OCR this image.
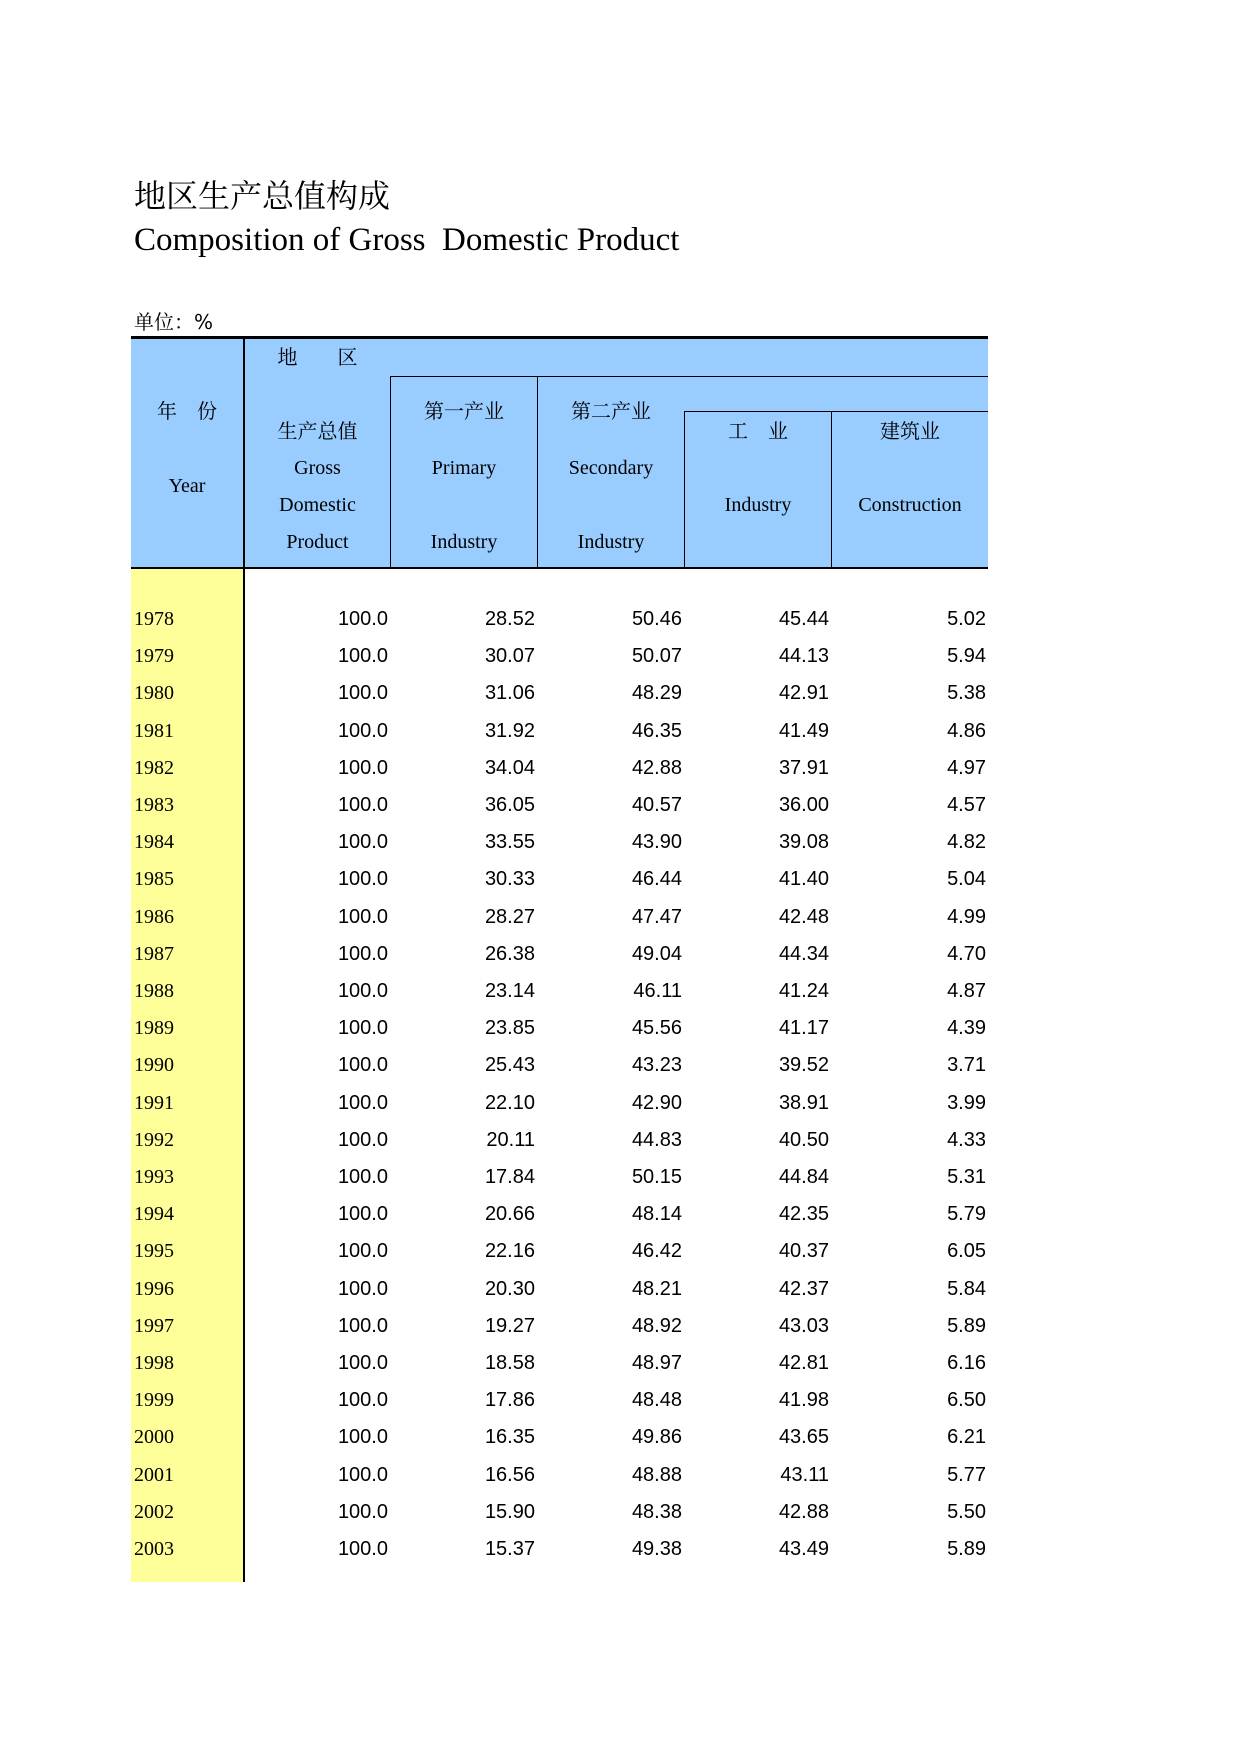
地区生产总值构成
Composition of Gross  Domestic Product
单位：%
年　份
Year
地　　区
生产总值
Gross
Domestic
Product
第一产业
Primary
Industry
第二产业
Secondary
Industry
工　业
Industry
建筑业
Construction
1978	100.0	28.52	50.46	45.44	5.02
1979	100.0	30.07	50.07	44.13	5.94
1980	100.0	31.06	48.29	42.91	5.38
1981	100.0	31.92	46.35	41.49	4.86
1982	100.0	34.04	42.88	37.91	4.97
1983	100.0	36.05	40.57	36.00	4.57
1984	100.0	33.55	43.90	39.08	4.82
1985	100.0	30.33	46.44	41.40	5.04
1986	100.0	28.27	47.47	42.48	4.99
1987	100.0	26.38	49.04	44.34	4.70
1988	100.0	23.14	46.11	41.24	4.87
1989	100.0	23.85	45.56	41.17	4.39
1990	100.0	25.43	43.23	39.52	3.71
1991	100.0	22.10	42.90	38.91	3.99
1992	100.0	20.11	44.83	40.50	4.33
1993	100.0	17.84	50.15	44.84	5.31
1994	100.0	20.66	48.14	42.35	5.79
1995	100.0	22.16	46.42	40.37	6.05
1996	100.0	20.30	48.21	42.37	5.84
1997	100.0	19.27	48.92	43.03	5.89
1998	100.0	18.58	48.97	42.81	6.16
1999	100.0	17.86	48.48	41.98	6.50
2000	100.0	16.35	49.86	43.65	6.21
2001	100.0	16.56	48.88	43.11	5.77
2002	100.0	15.90	48.38	42.88	5.50
2003	100.0	15.37	49.38	43.49	5.89
